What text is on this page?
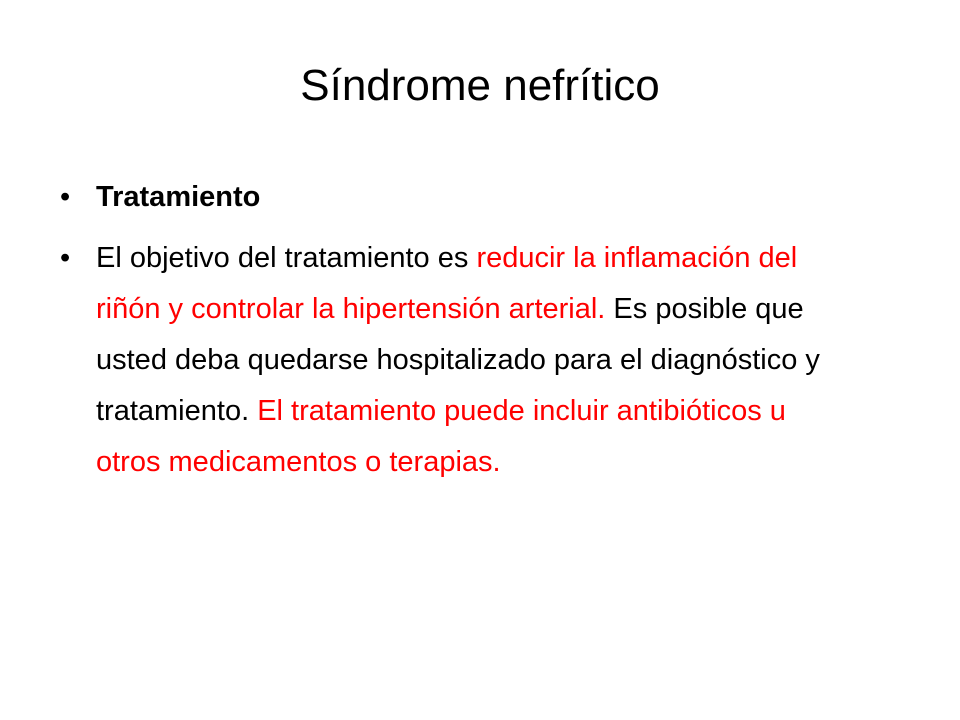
Síndrome nefrítico
• Tratamiento
• El objetivo del tratamiento es reducir la inflamación del riñón y controlar la hipertensión arterial. Es posible que usted deba quedarse hospitalizado para el diagnóstico y tratamiento. El tratamiento puede incluir antibióticos u otros medicamentos o terapias.
